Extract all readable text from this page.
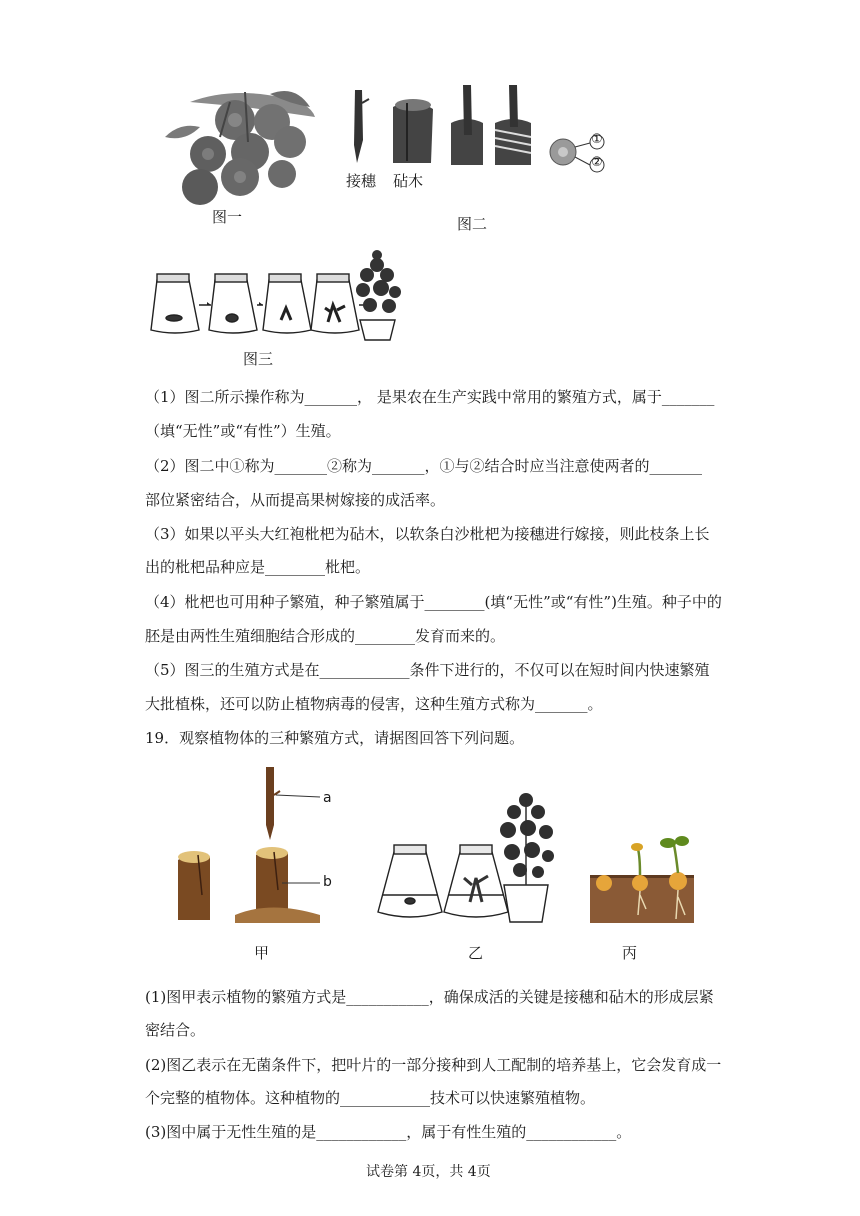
图一
①
②
接穗 砧木
图二
图三
（1）图二所示操作称为_______， 是果农在生产实践中常用的繁殖方式，属于_______
（填“无性”或“有性”）生殖。
（2）图二中①称为_______②称为_______，①与②结合时应当注意使两者的_______
部位紧密结合，从而提高果树嫁接的成活率。
（3）如果以平头大红袍枇杷为砧木，以软条白沙枇杷为接穗进行嫁接，则此枝条上长
出的枇杷品种应是________枇杷。
（4）枇杷也可用种子繁殖，种子繁殖属于________(填“无性”或“有性”)生殖。种子中的
胚是由两性生殖细胞结合形成的________发育而来的。
（5）图三的生殖方式是在____________条件下进行的，不仅可以在短时间内快速繁殖
大批植株，还可以防止植物病毒的侵害，这种生殖方式称为_______。
19．观察植物体的三种繁殖方式，请据图回答下列问题。
a
b
甲	乙	丙
(1)图甲表示植物的繁殖方式是___________，确保成活的关键是接穗和砧木的形成层紧
密结合。
(2)图乙表示在无菌条件下，把叶片的一部分接种到人工配制的培养基上，它会发育成一
个完整的植物体。这种植物的____________技术可以快速繁殖植物。
(3)图中属于无性生殖的是____________，属于有性生殖的____________。
试卷第 4页，共 4页
